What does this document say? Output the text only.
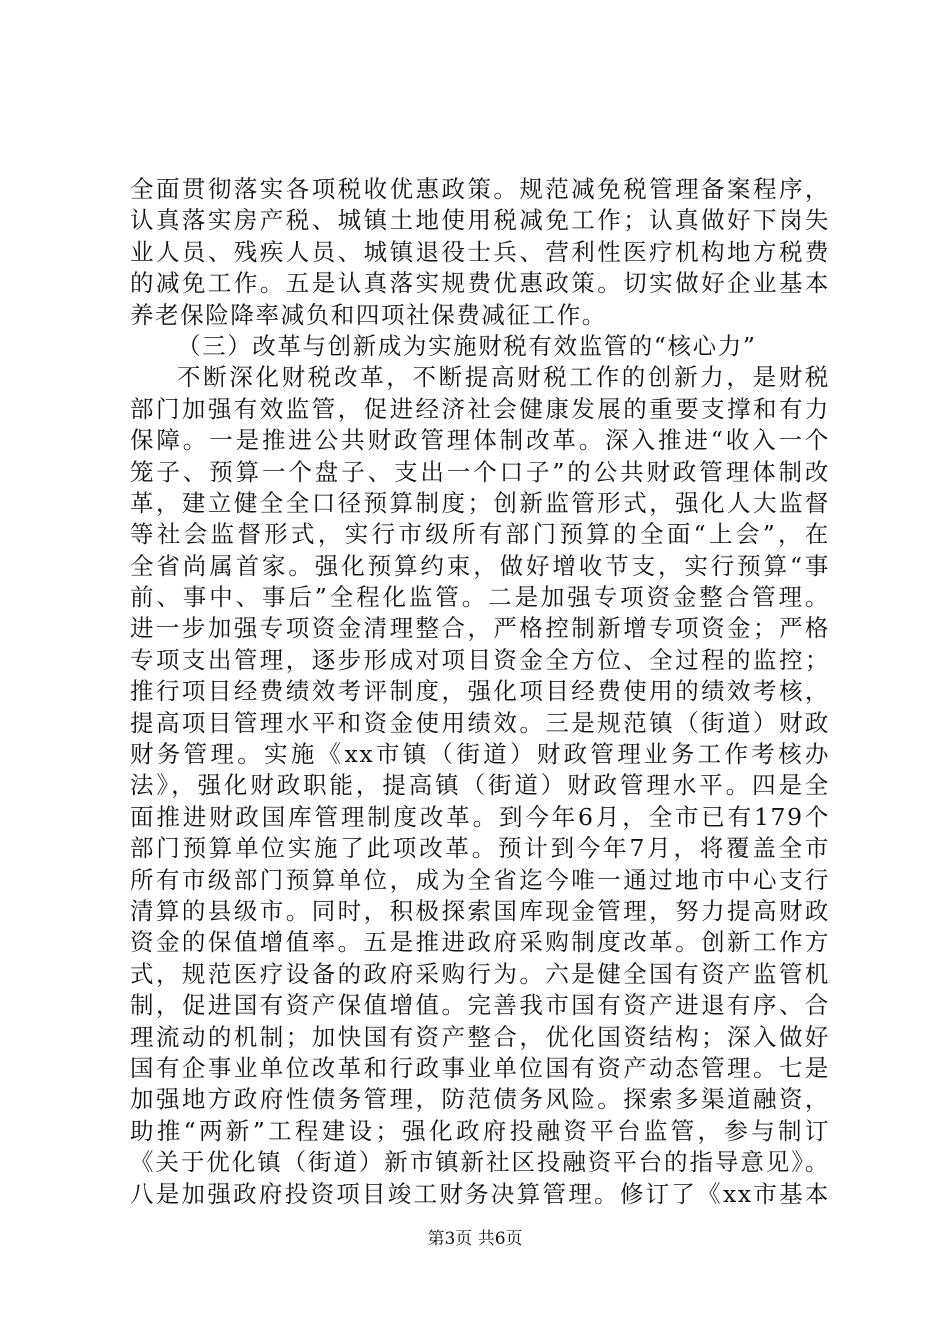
全面贯彻落实各项税收优惠政策。规范减免税管理备案程序，
认真落实房产税、城镇土地使用税减免工作；认真做好下岗失
业人员、残疾人员、城镇退役士兵、营利性医疗机构地方税费
的减免工作。五是认真落实规费优惠政策。切实做好企业基本
养老保险降率减负和四项社保费减征工作。
（三）改革与创新成为实施财税有效监管的“核心力”
不断深化财税改革，不断提高财税工作的创新力，是财税
部门加强有效监管，促进经济社会健康发展的重要支撑和有力
保障。一是推进公共财政管理体制改革。深入推进“收入一个
笼子、预算一个盘子、支出一个口子”的公共财政管理体制改
革，建立健全全口径预算制度；创新监管形式，强化人大监督
等社会监督形式，实行市级所有部门预算的全面“上会”，在
全省尚属首家。强化预算约束，做好增收节支，实行预算“事
前、事中、事后”全程化监管。二是加强专项资金整合管理。
进一步加强专项资金清理整合，严格控制新增专项资金；严格
专项支出管理，逐步形成对项目资金全方位、全过程的监控；
推行项目经费绩效考评制度，强化项目经费使用的绩效考核，
提高项目管理水平和资金使用绩效。三是规范镇（街道）财政
财务管理。实施《xx市镇（街道）财政管理业务工作考核办
法》，强化财政职能，提高镇（街道）财政管理水平。四是全
面推进财政国库管理制度改革。到今年6月，全市已有179个
部门预算单位实施了此项改革。预计到今年7月，将覆盖全市
所有市级部门预算单位，成为全省迄今唯一通过地市中心支行
清算的县级市。同时，积极探索国库现金管理，努力提高财政
资金的保值增值率。五是推进政府采购制度改革。创新工作方
式，规范医疗设备的政府采购行为。六是健全国有资产监管机
制，促进国有资产保值增值。完善我市国有资产进退有序、合
理流动的机制；加快国有资产整合，优化国资结构；深入做好
国有企事业单位改革和行政事业单位国有资产动态管理。七是
加强地方政府性债务管理，防范债务风险。探索多渠道融资，
助推“两新”工程建设；强化政府投融资平台监管，参与制订
《关于优化镇（街道）新市镇新社区投融资平台的指导意见》。
八是加强政府投资项目竣工财务决算管理。修订了《xx市基本
第3页 共6页
